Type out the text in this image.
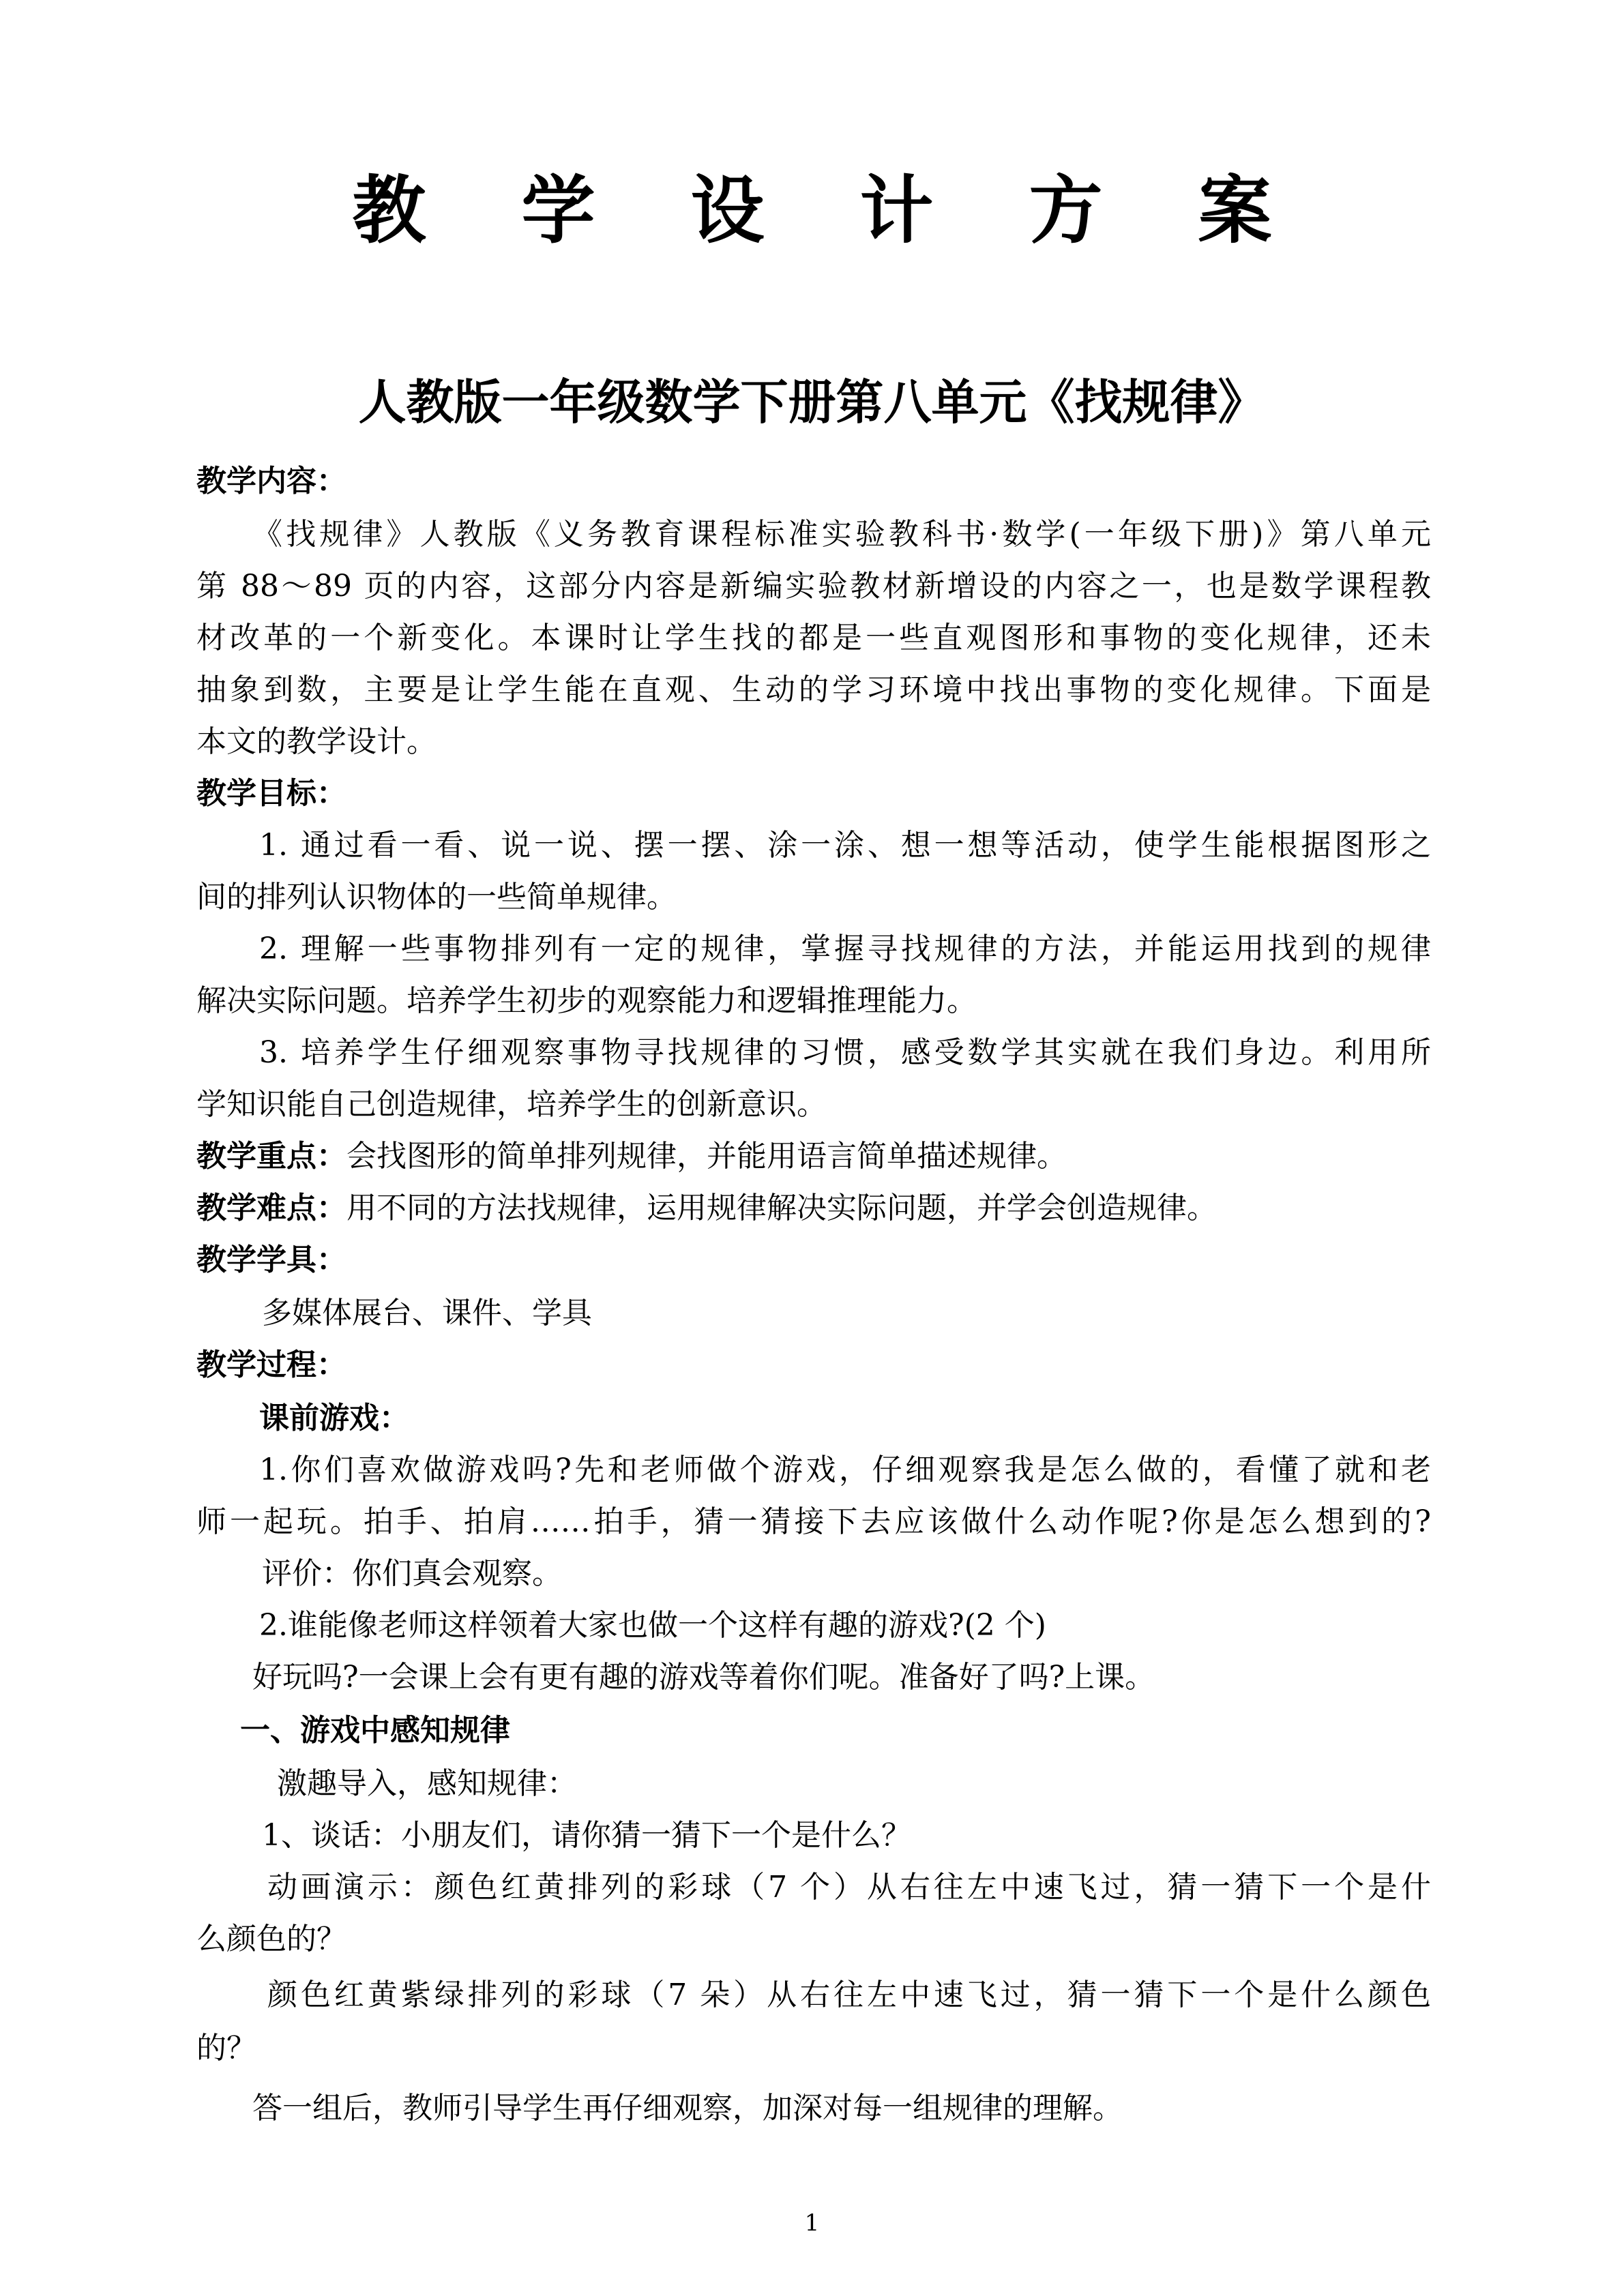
教 学 设 计 方 案
人教版一年级数学下册第八单元《找规律》
教学内容：
《找规律》人教版《义务教育课程标准实验教科书·数学(一年级下册)》第八单元
第 88～89 页的内容，这部分内容是新编实验教材新增设的内容之一，也是数学课程教
材改革的一个新变化。本课时让学生找的都是一些直观图形和事物的变化规律，还未
抽象到数，主要是让学生能在直观、生动的学习环境中找出事物的变化规律。下面是
本文的教学设计。
教学目标：
1. 通过看一看、说一说、摆一摆、涂一涂、想一想等活动，使学生能根据图形之
间的排列认识物体的一些简单规律。
2. 理解一些事物排列有一定的规律，掌握寻找规律的方法，并能运用找到的规律
解决实际问题。培养学生初步的观察能力和逻辑推理能力。
3. 培养学生仔细观察事物寻找规律的习惯，感受数学其实就在我们身边。利用所
学知识能自己创造规律，培养学生的创新意识。
教学重点：会找图形的简单排列规律，并能用语言简单描述规律。
教学难点：用不同的方法找规律，运用规律解决实际问题，并学会创造规律。
教学学具：
多媒体展台、课件、学具
教学过程：
课前游戏：
1.你们喜欢做游戏吗?先和老师做个游戏，仔细观察我是怎么做的，看懂了就和老
师一起玩。拍手、拍肩……拍手，猜一猜接下去应该做什么动作呢?你是怎么想到的?
评价：你们真会观察。
2.谁能像老师这样领着大家也做一个这样有趣的游戏?(2 个)
好玩吗?一会课上会有更有趣的游戏等着你们呢。准备好了吗?上课。
一、游戏中感知规律
激趣导入，感知规律：
1、谈话：小朋友们，请你猜一猜下一个是什么？
动画演示：颜色红黄排列的彩球（7 个）从右往左中速飞过，猜一猜下一个是什
么颜色的？
颜色红黄紫绿排列的彩球（7 朵）从右往左中速飞过，猜一猜下一个是什么颜色
的？
答一组后，教师引导学生再仔细观察，加深对每一组规律的理解。
1
